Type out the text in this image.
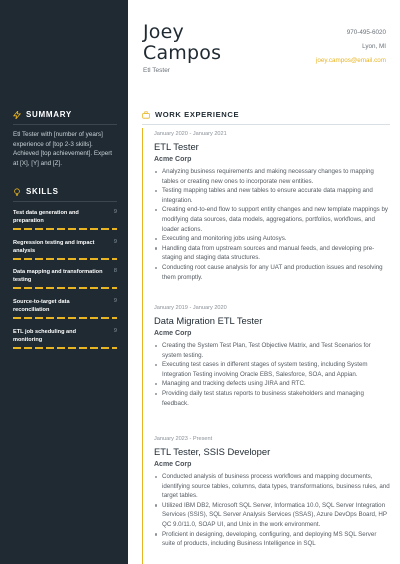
SUMMARY
Etl Tester with [number of years] experience of [top 2-3 skills]. Achieved [top achievement]. Expert at [X], [Y] and [Z].
SKILLS
Test data generation and preparation
9
Regression testing and impact analysis
9
Data mapping and transformation testing
8
Source-to-target data reconciliation
9
ETL job scheduling and monitoring
9
Joey
Campos
Etl Tester
970-495-6020
Lyon, MI
joey.campos@email.com
WORK EXPERIENCE
January 2020 - January 2021
ETL Tester
Acme Corp
Analyzing business requirements and making necessary changes to mapping tables or creating new ones to incorporate new entities.
Testing mapping tables and new tables to ensure accurate data mapping and integration.
Creating end-to-end flow to support entity changes and new template mappings by modifying data sources, data models, aggregations, portfolios, workflows, and loader actions.
Executing and monitoring jobs using Autosys.
Handling data from upstream sources and manual feeds, and developing pre-staging and staging data structures.
Conducting root cause analysis for any UAT and production issues and resolving them promptly.
January 2019 - January 2020
Data Migration ETL Tester
Acme Corp
Creating the System Test Plan, Test Objective Matrix, and Test Scenarios for system testing.
Executing test cases in different stages of system testing, including System Integration Testing involving Oracle EBS, Salesforce, SOA, and Appian.
Managing and tracking defects using JIRA and RTC.
Providing daily test status reports to business stakeholders and managing feedback.
January 2023 - Present
ETL Tester, SSIS Developer
Acme Corp
Conducted analysis of business process workflows and mapping documents, identifying source tables, columns, data types, transformations, business rules, and target tables.
Utilized IBM DB2, Microsoft SQL Server, Informatica 10.0, SQL Server Integration Services (SSIS), SQL Server Analysis Services (SSAS), Azure DevOps Board, HP QC 9.0/11.0, SOAP UI, and Unix in the work environment.
Proficient in designing, developing, configuring, and deploying MS SQL Server suite of products, including Business Intelligence in SQL
